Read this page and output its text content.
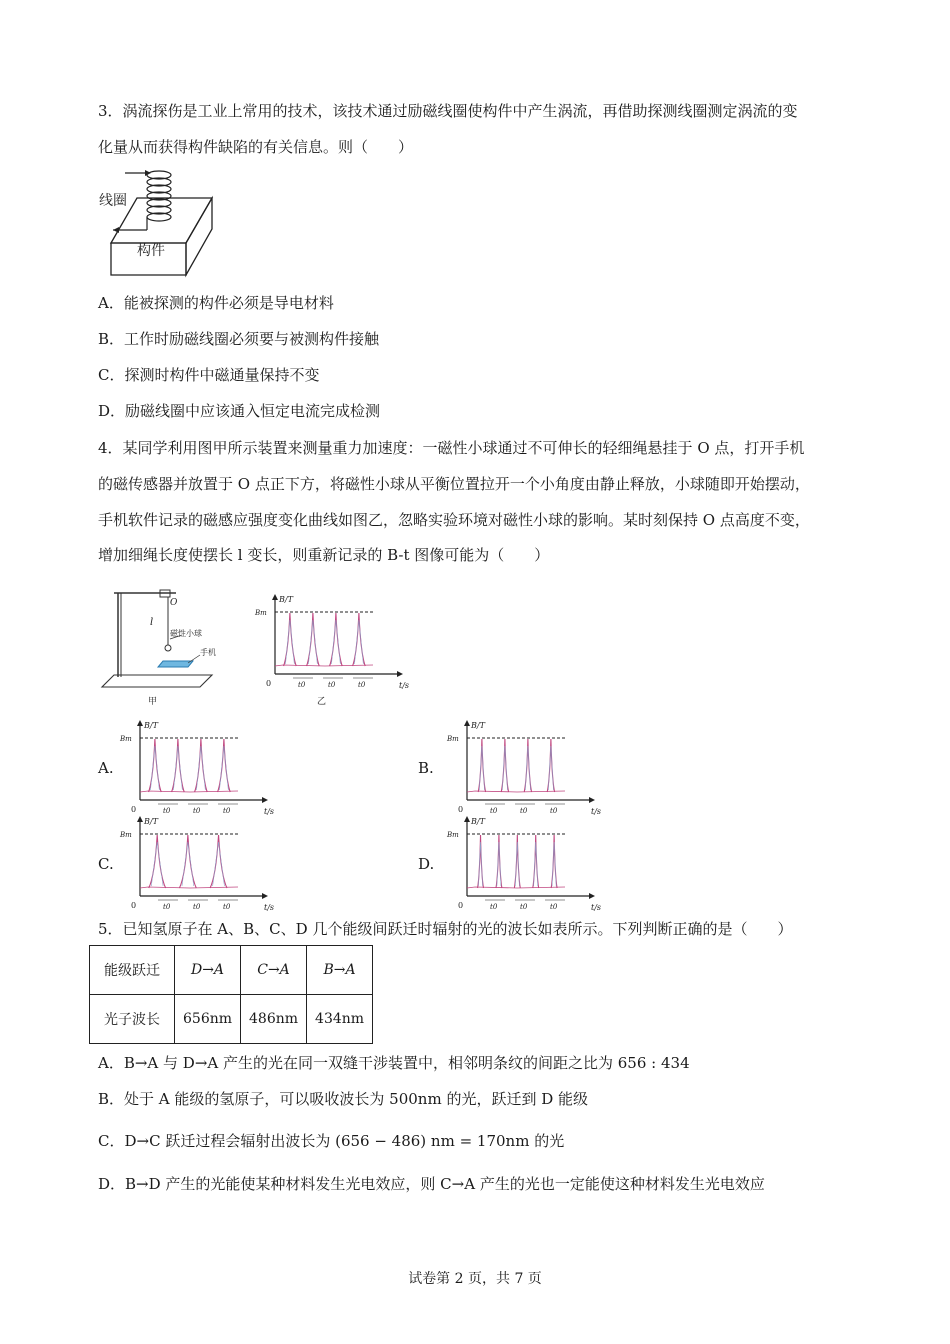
3．涡流探伤是工业上常用的技术，该技术通过励磁线圈使构件中产生涡流，再借助探测线圈测定涡流的变
化量从而获得构件缺陷的有关信息。则（　　）
线圈
构件
A．能被探测的构件必须是导电材料
B．工作时励磁线圈必须要与被测构件接触
C．探测时构件中磁通量保持不变
D．励磁线圈中应该通入恒定电流完成检测
4．某同学利用图甲所示装置来测量重力加速度：一磁性小球通过不可伸长的轻细绳悬挂于 O 点，打开手机
的磁传感器并放置于 O 点正下方，将磁性小球从平衡位置拉开一个小角度由静止释放，小球随即开始摆动，
手机软件记录的磁感应强度变化曲线如图乙，忽略实验环境对磁性小球的影响。某时刻保持 O 点高度不变，
增加细绳长度使摆长 l 变长，则重新记录的 B-t 图像可能为（　　）
O
l
磁性小球
手机
甲	乙
B/T
Bm
0	t/s
t0	t0	t0
A.
B/T
Bm
0	t/s
t0	t0	t0
B.
B/T
Bm
0	t/s
t0	t0	t0
C.
B/T
Bm
0	t/s
t0	t0	t0
D.
B/T
Bm
0	t/s
t0	t0	t0
5．已知氢原子在 A、B、C、D 几个能级间跃迁时辐射的光的波长如表所示。下列判断正确的是（　　）
能级跃迁	D→A	C→A	B→A
光子波长	656nm	486nm	434nm
A．B→A 与 D→A 产生的光在同一双缝干涉装置中，相邻明条纹的间距之比为 656 : 434
B．处于 A 能级的氢原子，可以吸收波长为 500nm 的光，跃迁到 D 能级
C．D→C 跃迁过程会辐射出波长为 (656 − 486) nm = 170nm 的光
D．B→D 产生的光能使某种材料发生光电效应，则 C→A 产生的光也一定能使这种材料发生光电效应
试卷第 2 页，共 7 页
